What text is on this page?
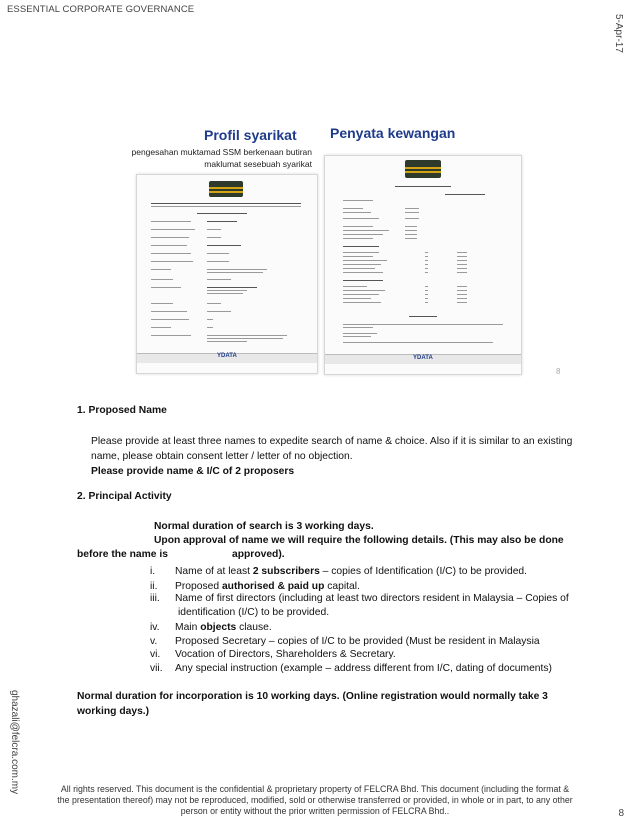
ESSENTIAL CORPORATE GOVERNANCE
5-Apr-17
ghazali@felcra.com.my
Profil syarikat Penyata kewangan
pengesahan muktamad SSM berkenaan butiran maklumat sesebuah syarikat
YDATA	YDATA
8
1. Proposed Name
Please provide at least three names to expedite search of name & choice. Also if it is similar to an existing
name, please obtain consent letter / letter of no objection.
Please provide name & I/C of 2 proposers
2. Principal Activity
Normal duration of search is 3 working days.
Upon approval of name we will require the following details. (This may also be done
before the name is	approved).
i. Name of at least 2 subscribers – copies of Identification (I/C) to be provided.
ii. Proposed authorised & paid up capital.
iii. Name of first directors (including at least two directors resident in Malaysia – Copies of
identification (I/C) to be provided.
iv. Main objects clause.
v. Proposed Secretary – copies of I/C to be provided (Must be resident in Malaysia
vi. Vocation of Directors, Shareholders & Secretary.
vii. Any special instruction (example – address different from I/C, dating of documents)
Normal duration for incorporation is 10 working days. (Online registration would normally take 3
working days.)
All rights reserved. This document is the confidential & proprietary property of FELCRA Bhd. This document (including the format &
the presentation thereof) may not be reproduced, modified, sold or otherwise transferred or provided, in whole or in part, to any other
person or entity without the prior written permission of FELCRA Bhd..	8
